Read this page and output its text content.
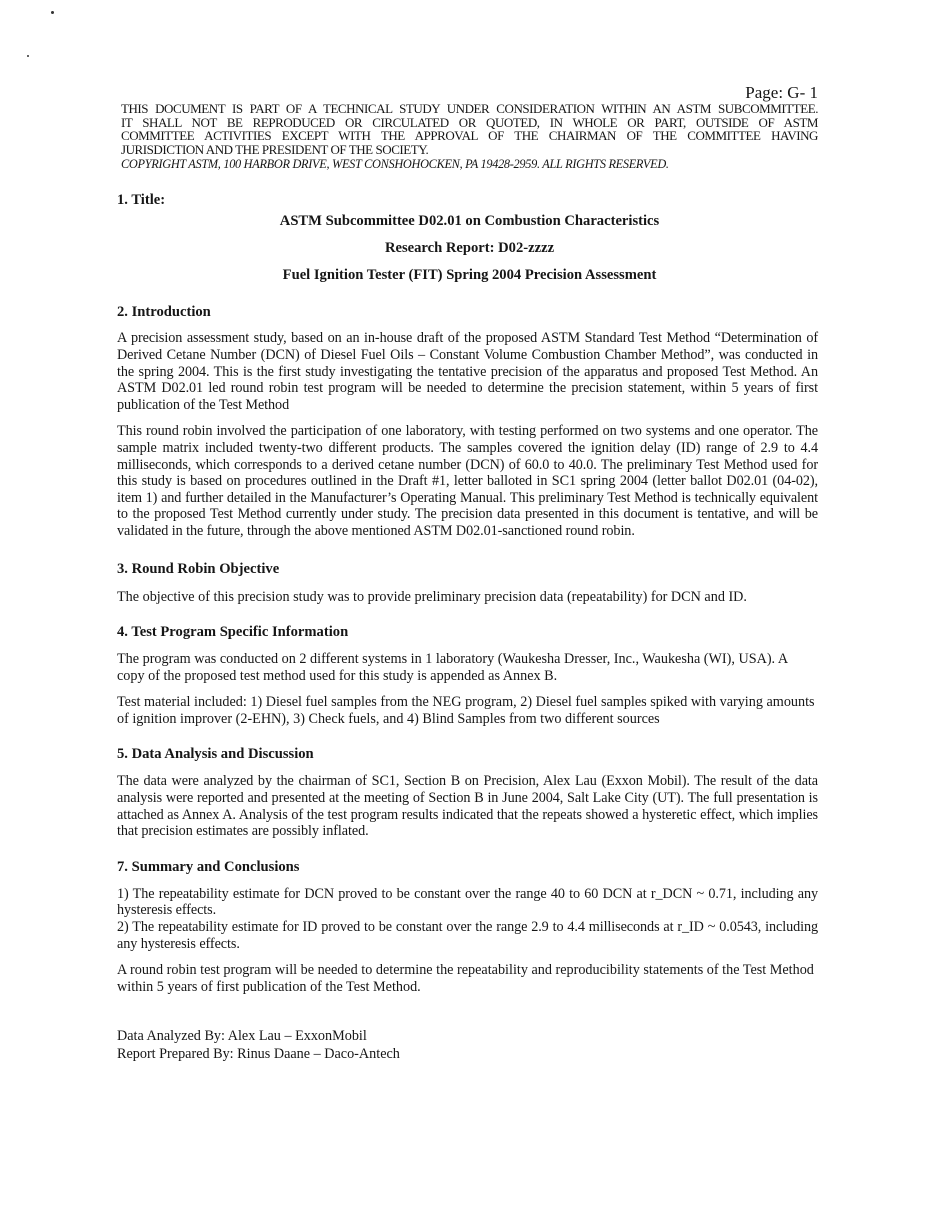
Page: G- 1

THIS DOCUMENT IS PART OF A TECHNICAL STUDY UNDER CONSIDERATION WITHIN AN ASTM SUBCOMMITTEE.

IT SHALL NOT BE REPRODUCED OR CIRCULATED OR QUOTED, IN WHOLE OR PART, OUTSIDE OF ASTM

COMMITTEE ACTIVITIES EXCEPT WITH THE APPROVAL OF THE CHAIRMAN OF THE COMMITTEE HAVING

JURISDICTION AND THE PRESIDENT OF THE SOCIETY.

COPYRIGHT ASTM, 100 HARBOR DRIVE, WEST CONSHOHOCKEN, PA 19428-2959. ALL RIGHTS RESERVED.

1. Title:

ASTM Subcommittee D02.01 on Combustion Characteristics

Research Report: D02-zzzz

Fuel Ignition Tester (FIT) Spring 2004 Precision Assessment

2. Introduction

A precision assessment study, based on an in-house draft of the proposed ASTM Standard Test Method “Determination of Derived Cetane Number (DCN) of Diesel Fuel Oils – Constant Volume Combustion Chamber Method”, was conducted in the spring 2004. This is the first study investigating the tentative precision of the apparatus and proposed Test Method. An ASTM D02.01 led round robin test program will be needed to determine the precision statement, within 5 years of first publication of the Test Method

This round robin involved the participation of one laboratory, with testing performed on two systems and one operator. The sample matrix included twenty-two different products. The samples covered the ignition delay (ID) range of 2.9 to 4.4 milliseconds, which corresponds to a derived cetane number (DCN) of 60.0 to 40.0. The preliminary Test Method used for this study is based on procedures outlined in the Draft #1, letter balloted in SC1 spring 2004 (letter ballot D02.01 (04-02), item 1) and further detailed in the Manufacturer’s Operating Manual. This preliminary Test Method is technically equivalent to the proposed Test Method currently under study. The precision data presented in this document is tentative, and will be validated in the future, through the above mentioned ASTM D02.01-sanctioned round robin.

3. Round Robin Objective

The objective of this precision study was to provide preliminary precision data (repeatability) for DCN and ID.

4. Test Program Specific Information

The program was conducted on 2 different systems in 1 laboratory (Waukesha Dresser, Inc., Waukesha (WI), USA). A copy of the proposed test method used for this study is appended as Annex B.

Test material included: 1) Diesel fuel samples from the NEG program, 2) Diesel fuel samples spiked with varying amounts of ignition improver (2-EHN), 3) Check fuels, and 4) Blind Samples from two different sources

5. Data Analysis and Discussion

The data were analyzed by the chairman of SC1, Section B on Precision, Alex Lau (Exxon Mobil). The result of the data analysis were reported and presented at the meeting of Section B in June 2004, Salt Lake City (UT). The full presentation is attached as Annex A. Analysis of the test program results indicated that the repeats showed a hysteretic effect, which implies that precision estimates are possibly inflated.

7. Summary and Conclusions

1) The repeatability estimate for DCN proved to be constant over the range 40 to 60 DCN at r_DCN ~ 0.71, including any hysteresis effects.

2) The repeatability estimate for ID proved to be constant over the range 2.9 to 4.4 milliseconds at r_ID ~ 0.0543, including any hysteresis effects.

A round robin test program will be needed to determine the repeatability and reproducibility statements of the Test Method within 5 years of first publication of the Test Method.

Data Analyzed By: Alex Lau – ExxonMobil

Report Prepared By: Rinus Daane – Daco-Antech
